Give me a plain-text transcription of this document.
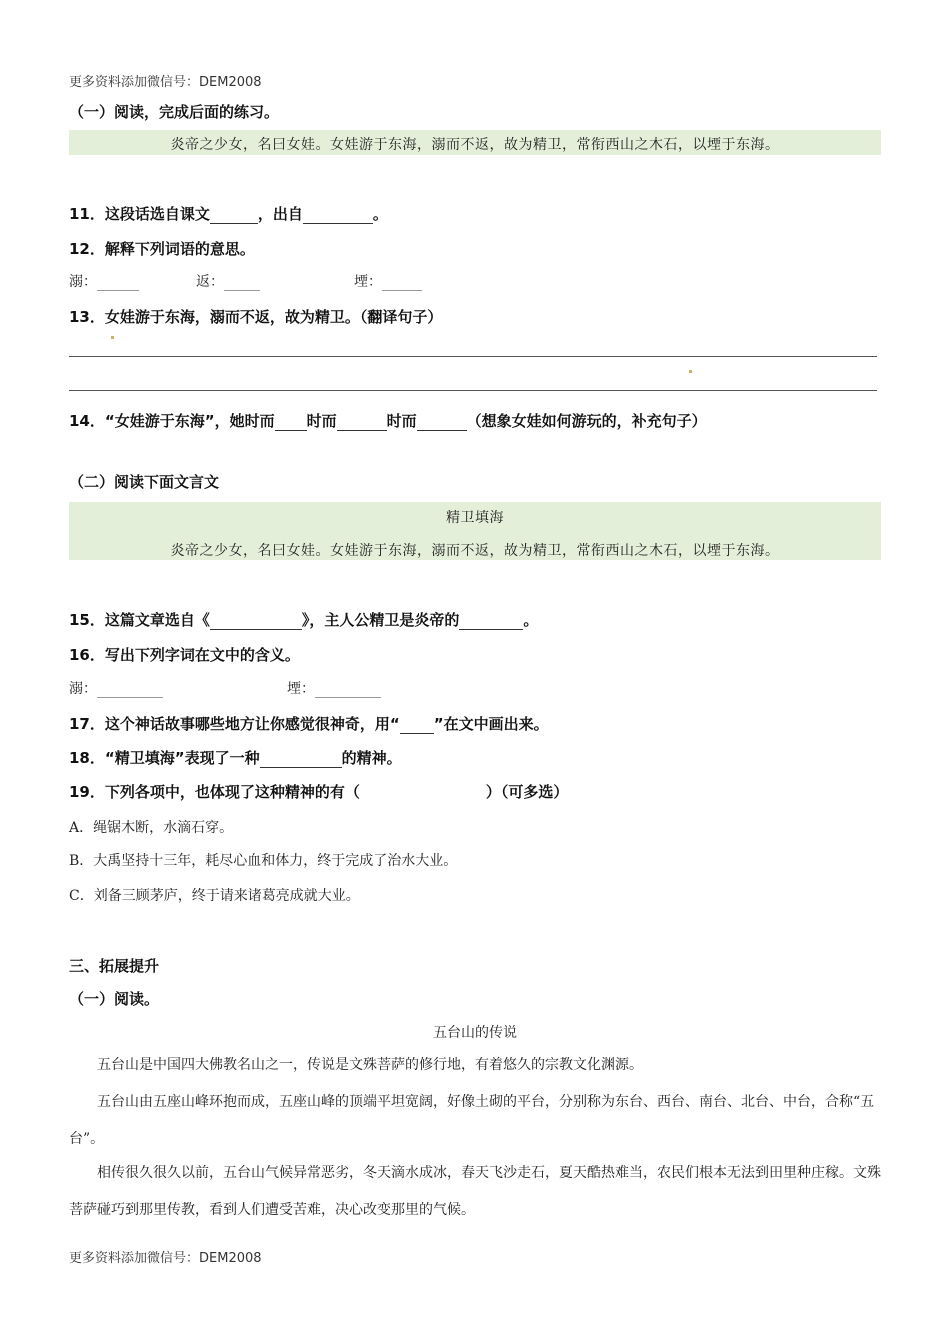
更多资料添加微信号：DEM2008
（一）阅读，完成后面的练习。
炎帝之少女，名曰女娃。女娃游于东海，溺而不返，故为精卫，常衔西山之木石，以堙于东海。
11．这段话选自课文	，出自	。
12．解释下列词语的意思。
溺：	返：	堙：
13．女娃游于东海，溺而不返，故为精卫。（翻译句子）
14．“女娃游于东海”，她时而 时而	时而	（想象女娃如何游玩的，补充句子）
（二）阅读下面文言文
精卫填海
炎帝之少女，名曰女娃。女娃游于东海，溺而不返，故为精卫，常衔西山之木石，以堙于东海。
15．这篇文章选自《	》，主人公精卫是炎帝的	。
16．写出下列字词在文中的含义。
溺：	堙：
17．这个神话故事哪些地方让你感觉很神奇，用“ ”在文中画出来。
18．“精卫填海”表现了一种	的精神。
19．下列各项中，也体现了这种精神的有（	）（可多选）
A．绳锯木断，水滴石穿。
B．大禹坚持十三年，耗尽心血和体力，终于完成了治水大业。
C．刘备三顾茅庐，终于请来诸葛亮成就大业。
三、拓展提升
（一）阅读。
五台山的传说
五台山是中国四大佛教名山之一，传说是文殊菩萨的修行地，有着悠久的宗教文化渊源。
五台山由五座山峰环抱而成，五座山峰的顶端平坦宽阔，好像土砌的平台，分别称为东台、西台、南台、北台、中台，合称“五台”。
相传很久很久以前，五台山气候异常恶劣，冬天滴水成冰，春天飞沙走石，夏天酷热难当，农民们根本无法到田里种庄稼。文殊菩萨碰巧到那里传教，看到人们遭受苦难，决心改变那里的气候。
更多资料添加微信号：DEM2008
